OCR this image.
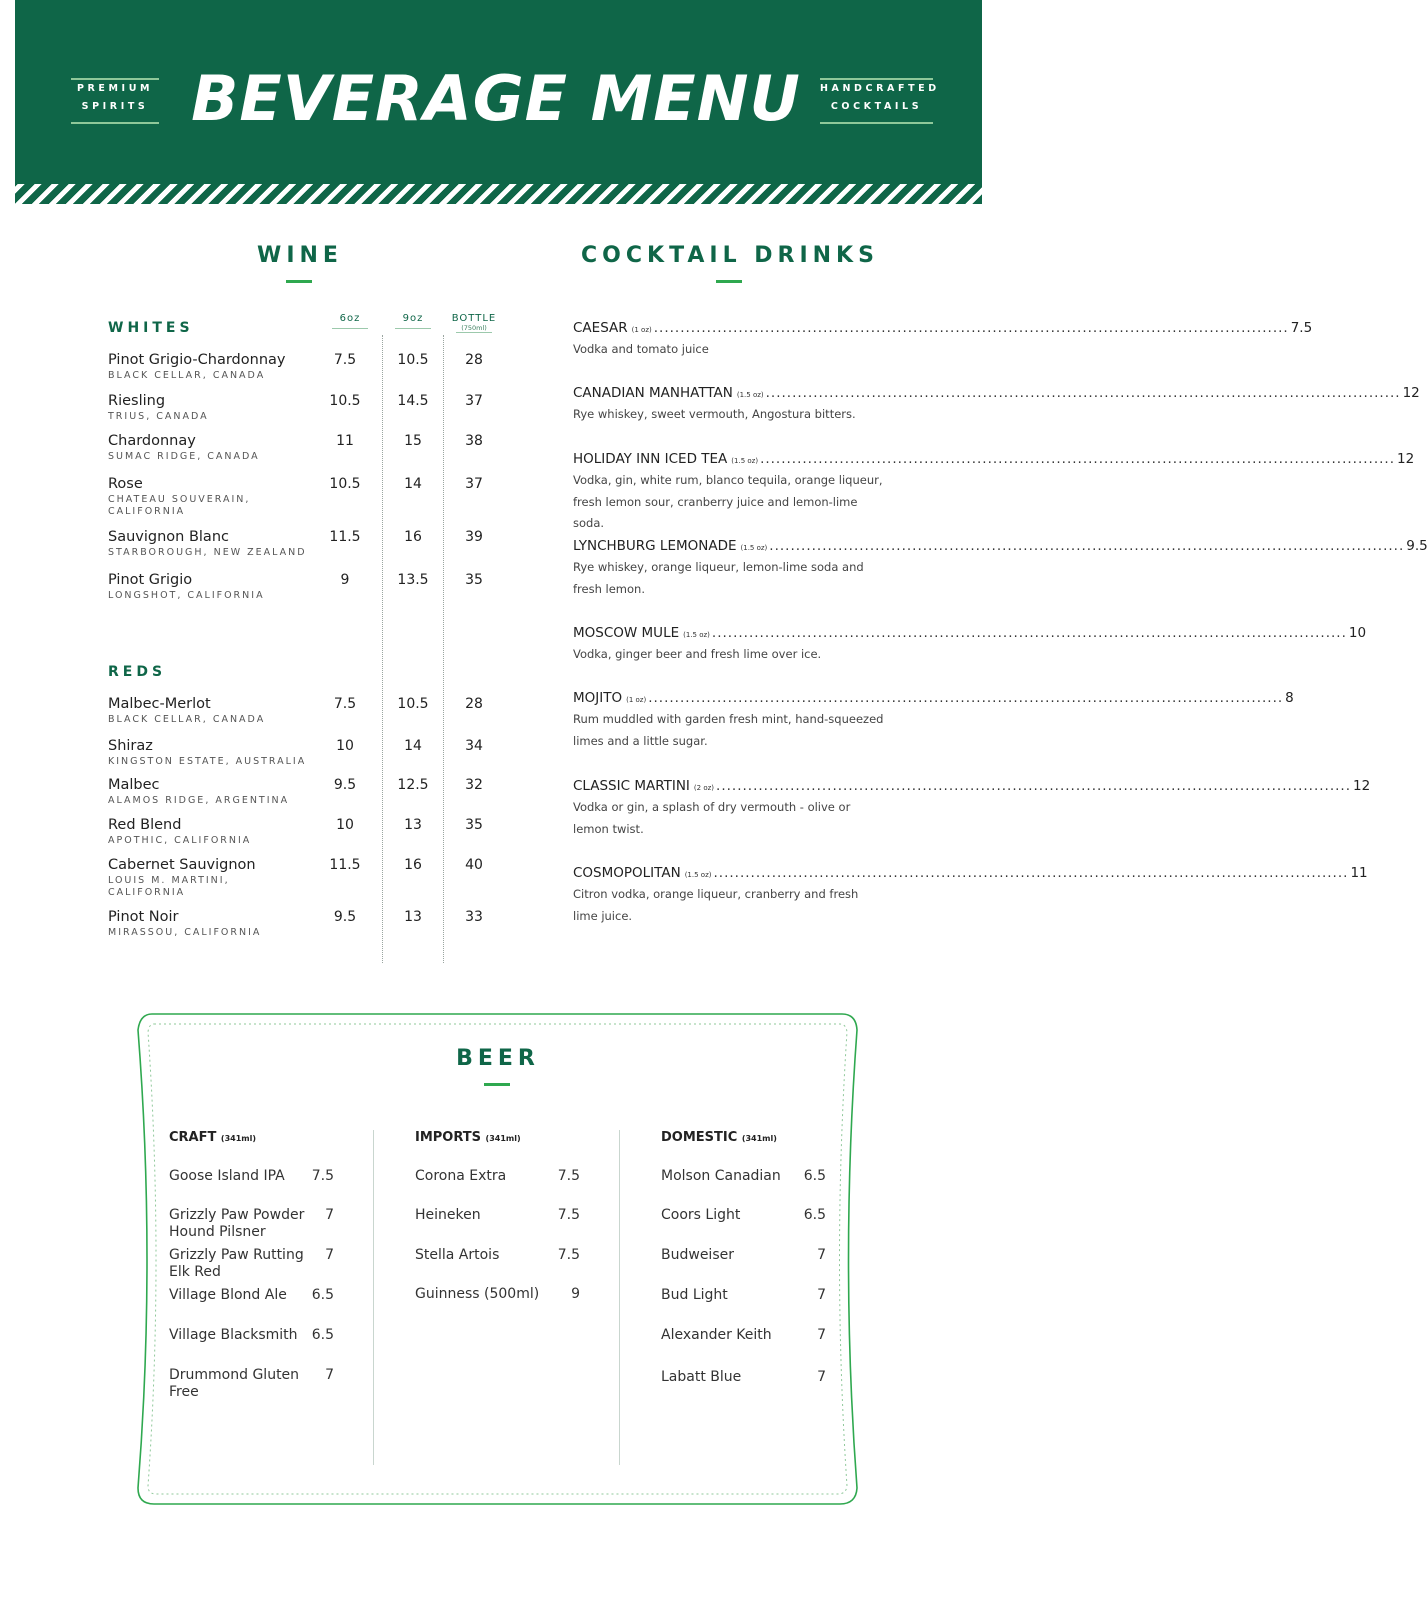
PREMIUM
SPIRITS BEVERAGE MENU HANDCRAFTED
COCKTAILS
WINE
WHITES
6oz	9oz	BOTTLE
(750ml)
REDS
COCKTAIL DRINKS
BEER
CRAFT (341ml)	IMPORTS (341ml)	DOMESTIC (341ml)
Pinot Grigio-Chardonnay
BLACK CELLAR, CANADA
7.5	10.5	28
Riesling
TRIUS, CANADA
10.5	14.5	37
Chardonnay
SUMAC RIDGE, CANADA
11	15	38
Rose
CHATEAU SOUVERAIN, CALIFORNIA
10.5	14	37
Sauvignon Blanc
STARBOROUGH, NEW ZEALAND
11.5	16	39
Pinot Grigio
LONGSHOT, CALIFORNIA
9	13.5	35
Malbec-Merlot
BLACK CELLAR, CANADA
7.5	10.5	28
Shiraz
KINGSTON ESTATE, AUSTRALIA
10	14	34
Malbec
ALAMOS RIDGE, ARGENTINA
9.5	12.5	32
Red Blend
APOTHIC, CALIFORNIA
10	13	35
Cabernet Sauvignon
LOUIS M. MARTINI, CALIFORNIA
11.5	16	40
Pinot Noir
MIRASSOU, CALIFORNIA
9.5	13	33
CAESAR (1 oz) ........................................................................................................................ 7.5
Vodka and tomato juice
CANADIAN MANHATTAN (1.5 oz) ........................................................................................................................ 12
Rye whiskey, sweet vermouth, Angostura bitters.
HOLIDAY INN ICED TEA (1.5 oz) ........................................................................................................................ 12
Vodka, gin, white rum, blanco tequila, orange liqueur, fresh lemon sour, cranberry juice and lemon-lime soda.
LYNCHBURG LEMONADE (1.5 oz) ........................................................................................................................ 9.5
Rye whiskey, orange liqueur, lemon-lime soda and fresh lemon.
MOSCOW MULE (1.5 oz) ........................................................................................................................ 10
Vodka, ginger beer and fresh lime over ice.
MOJITO (1 oz) ........................................................................................................................ 8
Rum muddled with garden fresh mint, hand-squeezed limes and a little sugar.
CLASSIC MARTINI (2 oz) ........................................................................................................................ 12
Vodka or gin, a splash of dry vermouth - olive or lemon twist.
COSMOPOLITAN (1.5 oz) ........................................................................................................................ 11
Citron vodka, orange liqueur, cranberry and fresh lime juice.
Goose Island IPA	7.5
Grizzly Paw Powder Hound Pilsner
7
Grizzly Paw Rutting Elk Red
7
Village Blond Ale	6.5
Village Blacksmith	6.5
Drummond Gluten Free
7
Corona Extra	7.5
Heineken	7.5
Stella Artois	7.5
Guinness (500ml)	9
Molson Canadian	6.5
Coors Light	6.5
Budweiser	7
Bud Light	7
Alexander Keith	7
Labatt Blue	7
